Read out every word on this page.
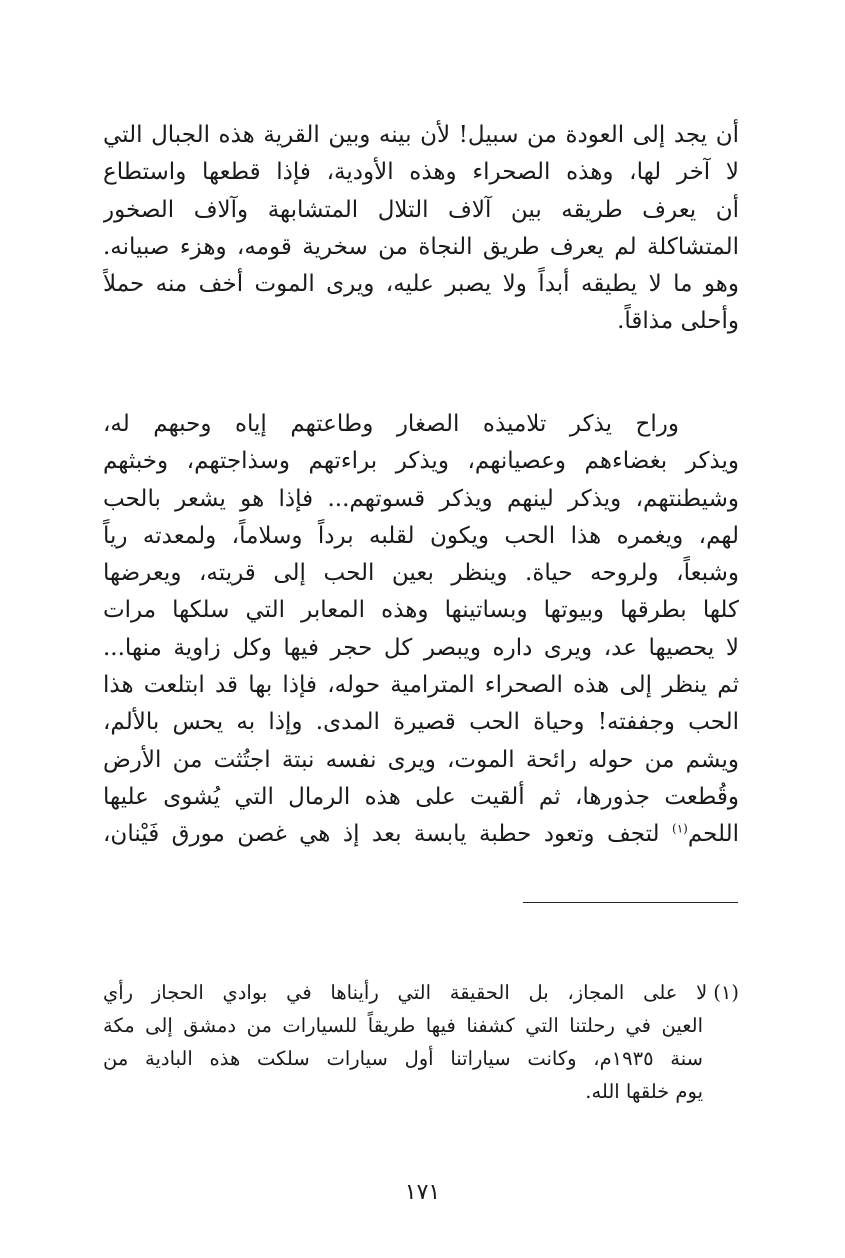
أن يجد إلى العودة من سبيل! لأن بينه وبين القرية هذه الجبال التي
لا آخر لها، وهذه الصحراء وهذه الأودية، فإذا قطعها واستطاع
أن يعرف طريقه بين آلاف التلال المتشابهة وآلاف الصخور
المتشاكلة لم يعرف طريق النجاة من سخرية قومه، وهزء صبيانه.
وهو ما لا يطيقه أبداً ولا يصبر عليه، ويرى الموت أخف منه حملاً
وأحلى مذاقاً.
وراح يذكر تلاميذه الصغار وطاعتهم إياه وحبهم له،
ويذكر بغضاءهم وعصيانهم، ويذكر براءتهم وسذاجتهم، وخبثهم
وشيطنتهم، ويذكر لينهم ويذكر قسوتهم... فإذا هو يشعر بالحب
لهم، ويغمره هذا الحب ويكون لقلبه برداً وسلاماً، ولمعدته رياً
وشبعاً، ولروحه حياة. وينظر بعين الحب إلى قريته، ويعرضها
كلها بطرقها وبيوتها وبساتينها وهذه المعابر التي سلكها مرات
لا يحصيها عد، ويرى داره ويبصر كل حجر فيها وكل زاوية منها...
ثم ينظر إلى هذه الصحراء المترامية حوله، فإذا بها قد ابتلعت هذا
الحب وجففته! وحياة الحب قصيرة المدى. وإذا به يحس بالألم،
ويشم من حوله رائحة الموت، ويرى نفسه نبتة اجتُثت من الأرض
وقُطعت جذورها، ثم ألقيت على هذه الرمال التي يُشوى عليها
اللحم$^{(١)}$ لتجف وتعود حطبة يابسة بعد إذ هي غصن مورق فَيْنان،
(١)لا على المجاز، بل الحقيقة التي رأيناها في بوادي الحجاز رأي
العين في رحلتنا التي كشفنا فيها طريقاً للسيارات من دمشق إلى مكة
سنة ١٩٣٥م، وكانت سياراتنا أول سيارات سلكت هذه البادية من
يوم خلقها الله.
١٧١
